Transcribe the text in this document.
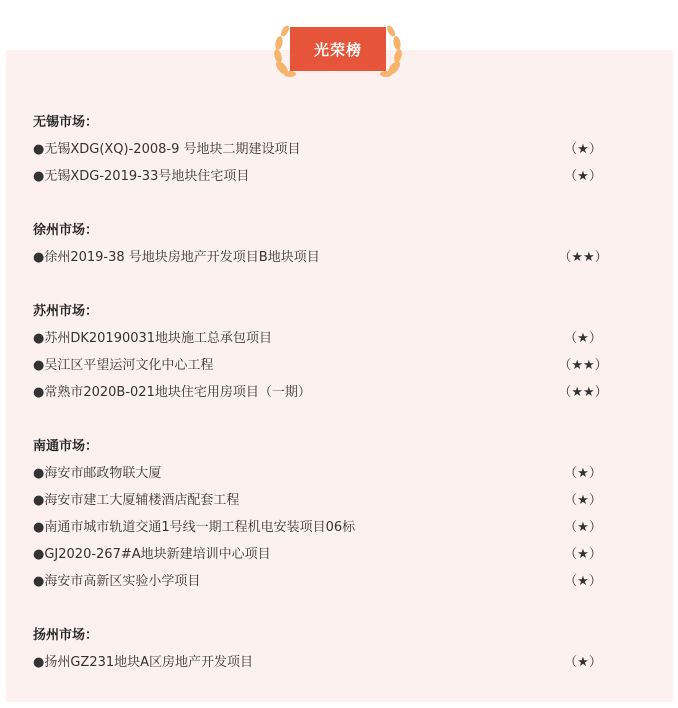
光荣榜
无锡市场：
●无锡XDG(XQ)-2008-9 号地块二期建设项目	（★）
●无锡XDG-2019-33号地块住宅项目	（★）
徐州市场：
●徐州2019-38 号地块房地产开发项目B地块项目	（★★）
苏州市场：
●苏州DK20190031地块施工总承包项目	（★）
●吴江区平望运河文化中心工程	（★★）
●常熟市2020B-021地块住宅用房项目（一期）	（★★）
南通市场：
●海安市邮政物联大厦	（★）
●海安市建工大厦辅楼酒店配套工程	（★）
●南通市城市轨道交通1号线一期工程机电安装项目06标	（★）
●GJ2020-267#A地块新建培训中心项目	（★）
●海安市高新区实验小学项目	（★）
扬州市场：
●扬州GZ231地块A区房地产开发项目	（★）
